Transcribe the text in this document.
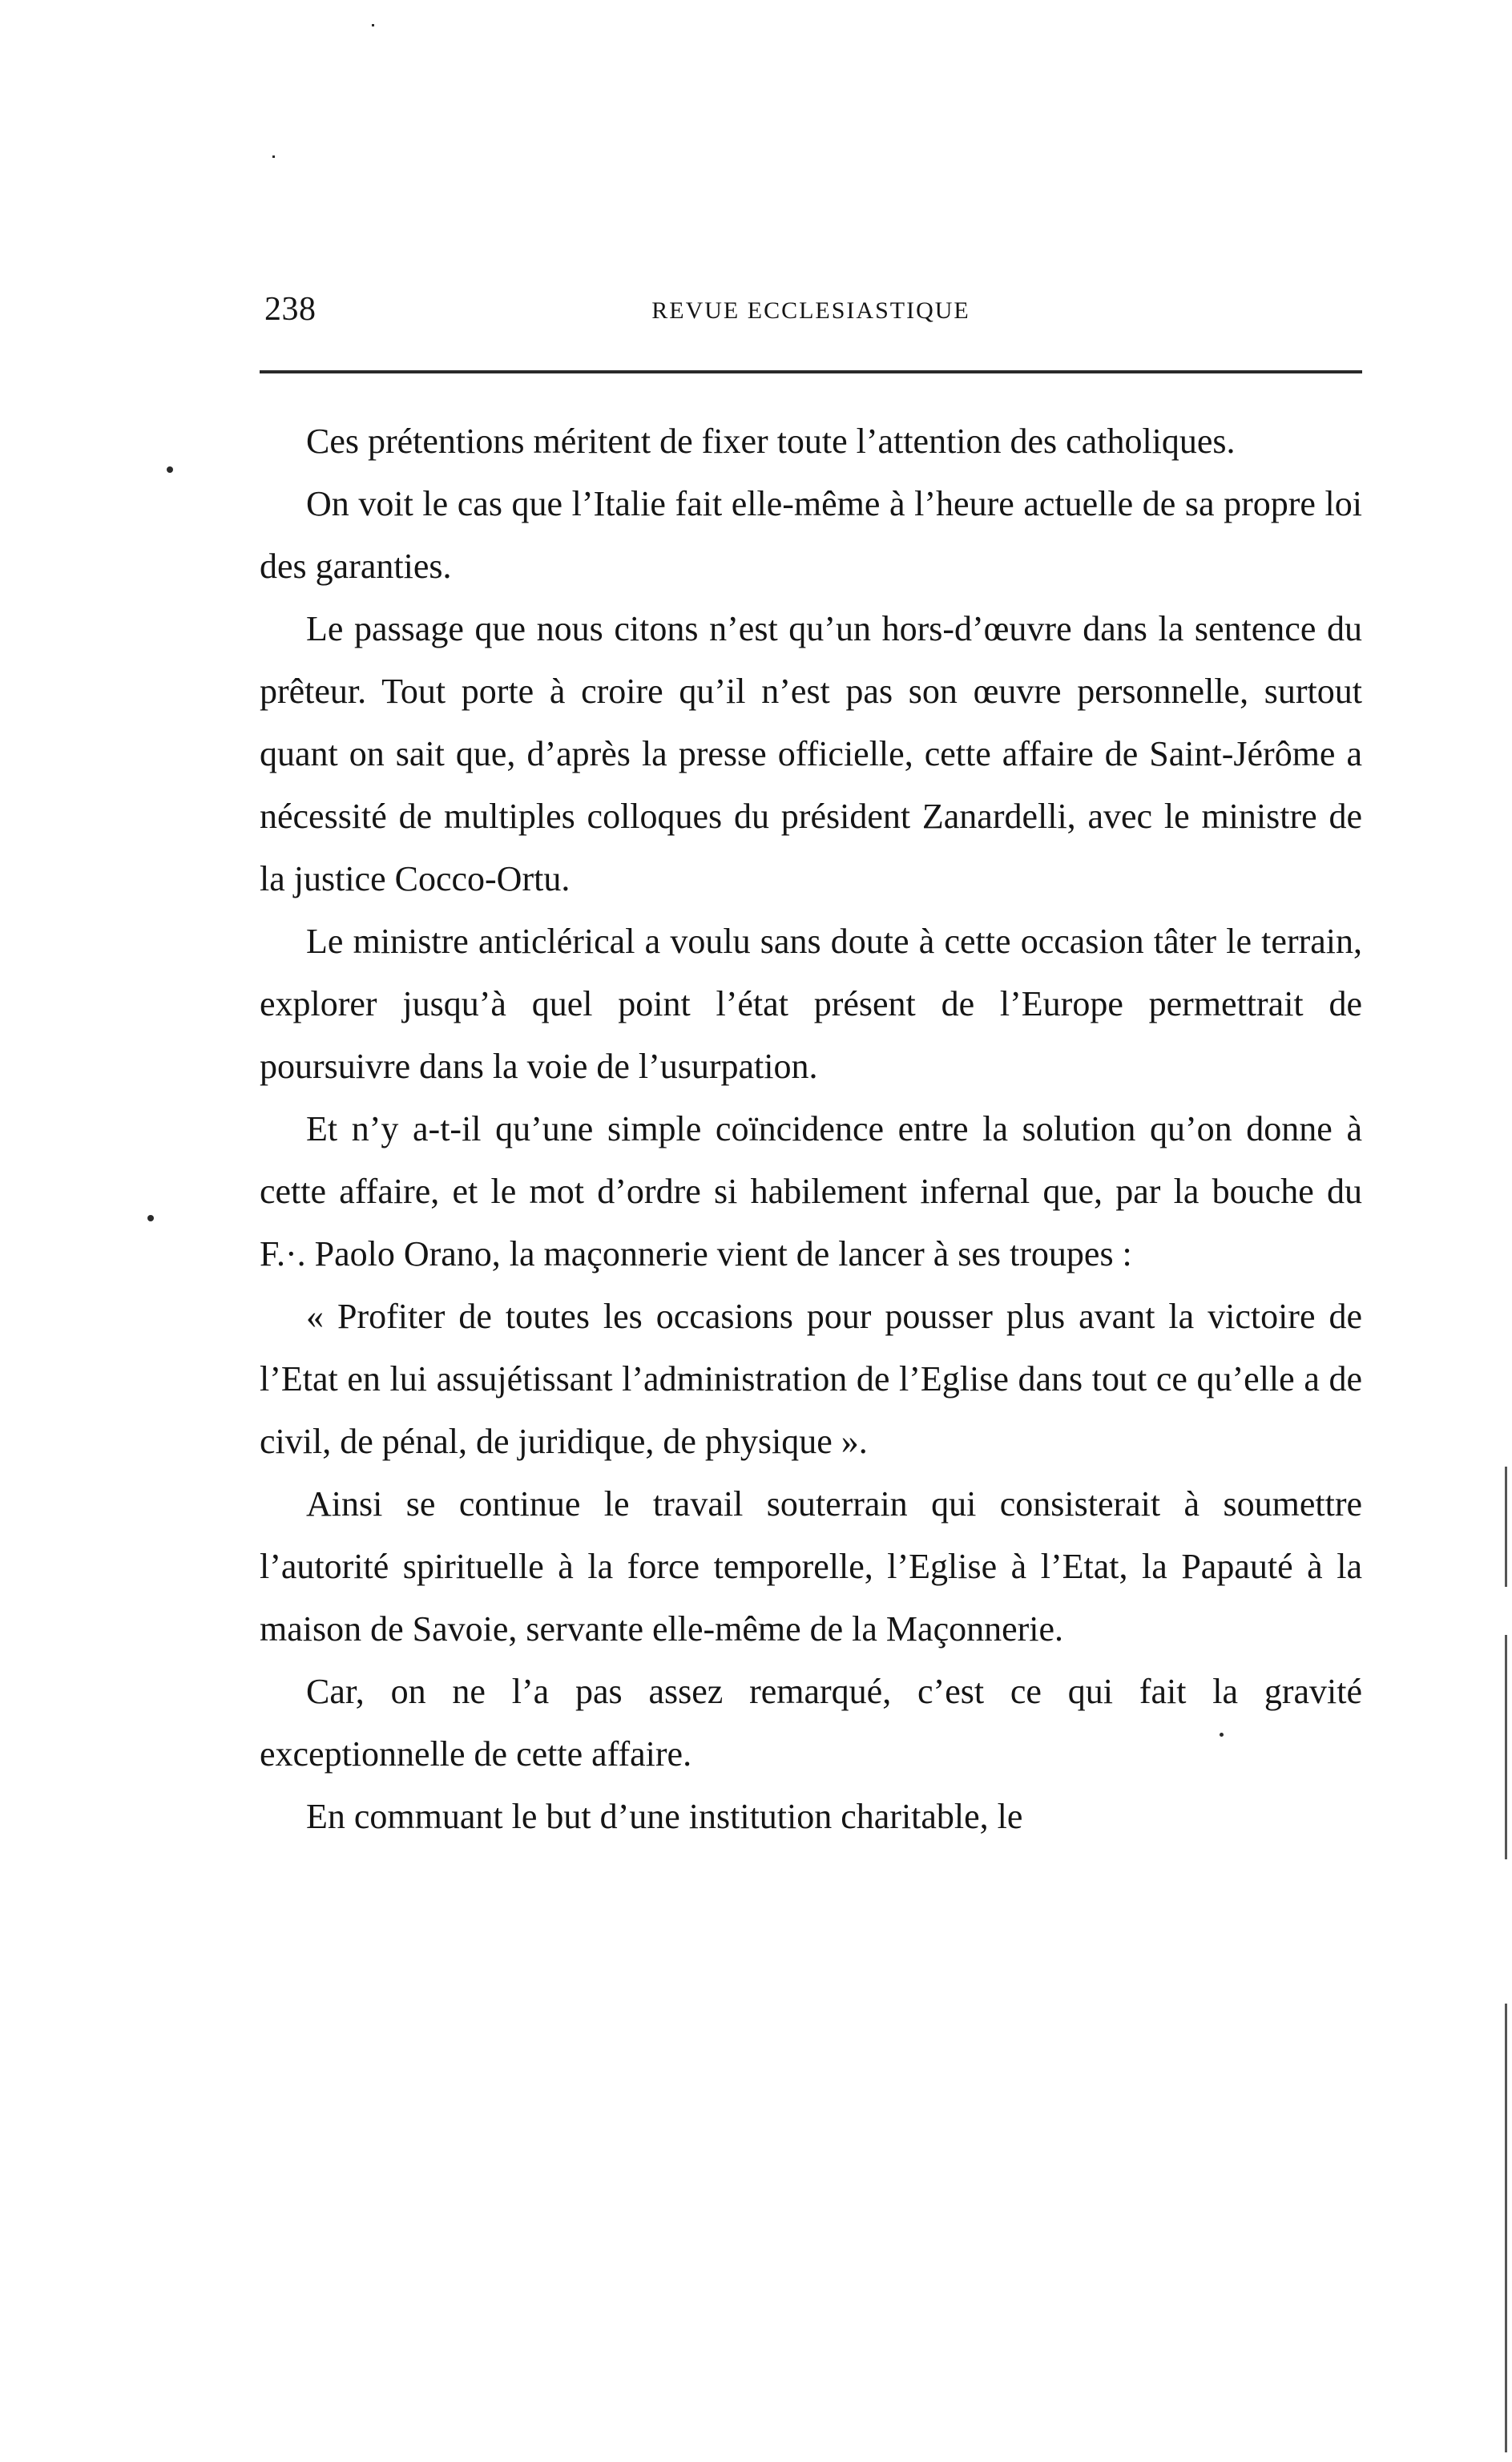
238	REVUE ECCLESIASTIQUE

Ces prétentions méritent de fixer toute l’attention des catholiques.

On voit le cas que l’Italie fait elle-même à l’heure actuelle de sa propre loi des garanties.

Le passage que nous citons n’est qu’un hors-d’œuvre dans la sentence du prêteur. Tout porte à croire qu’il n’est pas son œuvre personnelle, surtout quant on sait que, d’après la presse officielle, cette affaire de Saint-Jérôme a nécessité de multiples colloques du président Zanardelli, avec le ministre de la justice Cocco-Ortu.

Le ministre anticlérical a voulu sans doute à cette occasion tâter le terrain, explorer jusqu’à quel point l’état présent de l’Europe permettrait de poursuivre dans la voie de l’usurpation.

Et n’y a-t-il qu’une simple coïncidence entre la solution qu’on donne à cette affaire, et le mot d’ordre si habilement infernal que, par la bouche du F.·. Paolo Orano, la maçonnerie vient de lancer à ses troupes :

« Profiter de toutes les occasions pour pousser plus avant la victoire de l’Etat en lui assujétissant l’administration de l’Eglise dans tout ce qu’elle a de civil, de pénal, de juridique, de physique ».

Ainsi se continue le travail souterrain qui consisterait à soumettre l’autorité spirituelle à la force temporelle, l’Eglise à l’Etat, la Papauté à la maison de Savoie, servante elle-même de la Maçonnerie.

Car, on ne l’a pas assez remarqué, c’est ce qui fait la gravité exceptionnelle de cette affaire.

En commuant le but d’une institution charitable, le
